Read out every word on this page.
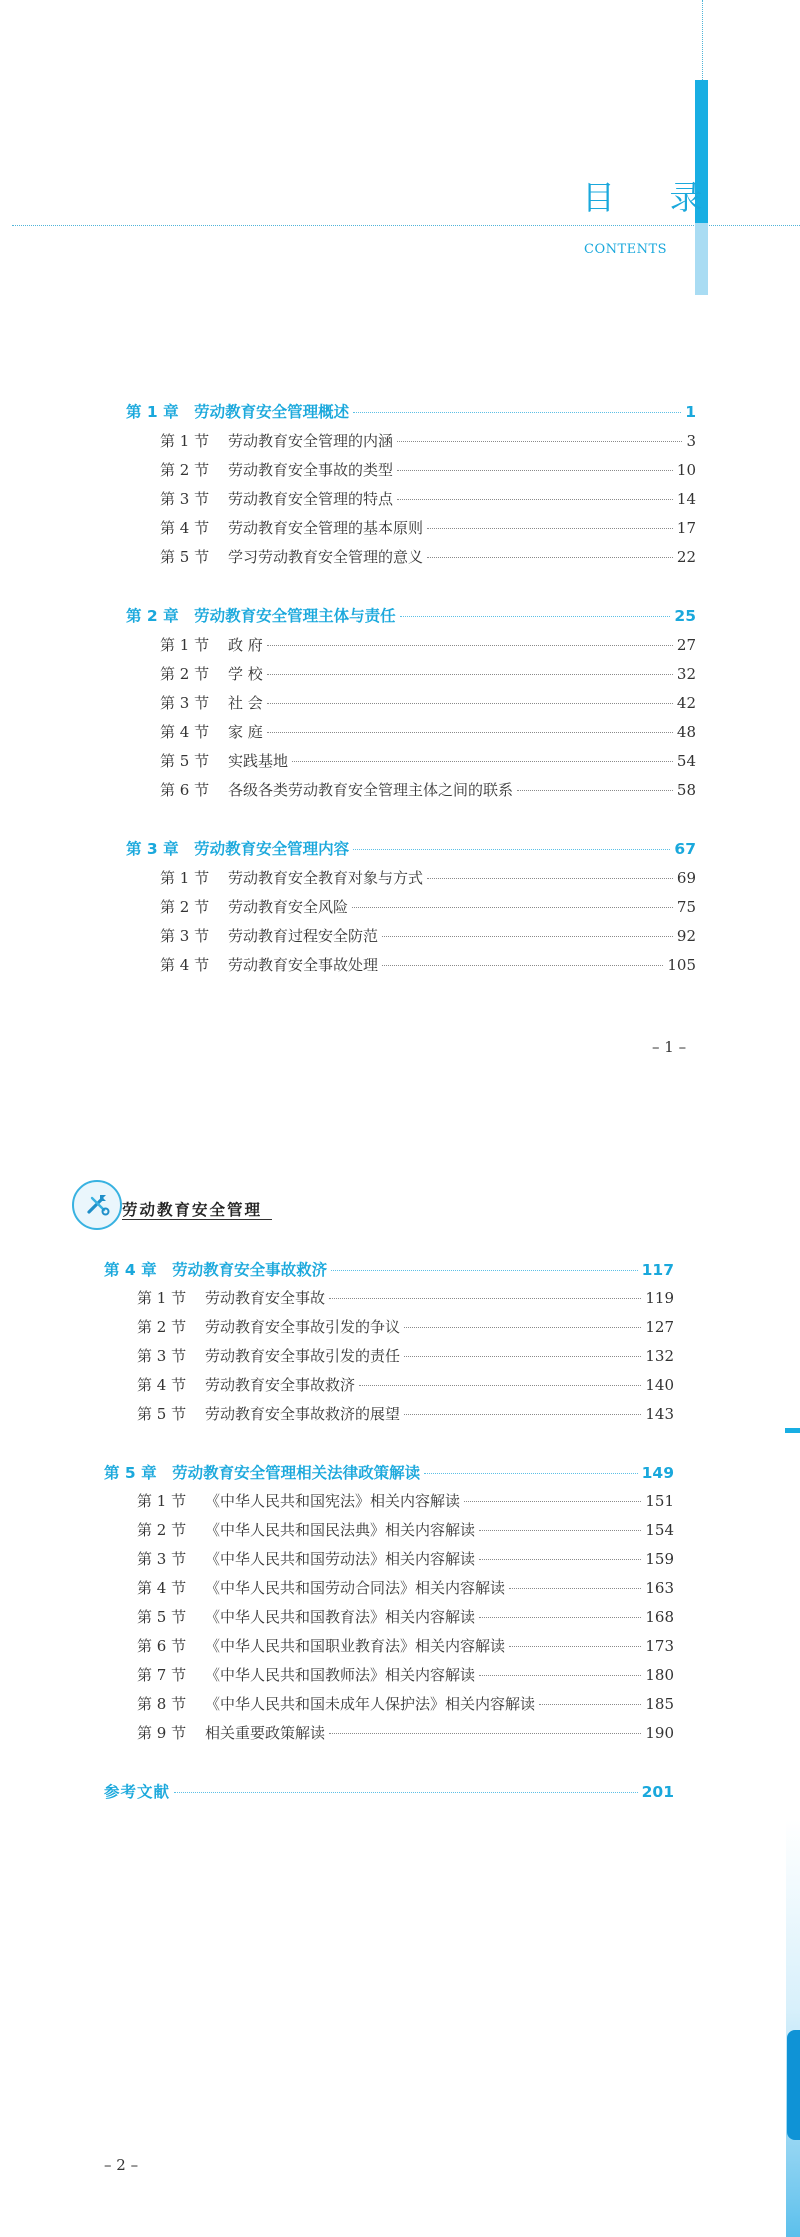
目 录
CONTENTS
第 1 章　劳动教育安全管理概述	1
第 1 节 劳动教育安全管理的内涵	3
第 2 节 劳动教育安全事故的类型	10
第 3 节 劳动教育安全管理的特点	14
第 4 节 劳动教育安全管理的基本原则	17
第 5 节 学习劳动教育安全管理的意义	22
第 2 章　劳动教育安全管理主体与责任	25
第 1 节 政 府	27
第 2 节 学 校	32
第 3 节 社 会	42
第 4 节 家 庭	48
第 5 节 实践基地	54
第 6 节 各级各类劳动教育安全管理主体之间的联系	58
第 3 章　劳动教育安全管理内容	67
第 1 节 劳动教育安全教育对象与方式	69
第 2 节 劳动教育安全风险	75
第 3 节 劳动教育过程安全防范	92
第 4 节 劳动教育安全事故处理	105
– 1 –
劳动教育安全管理
第 4 章　劳动教育安全事故救济	117
第 1 节 劳动教育安全事故	119
第 2 节 劳动教育安全事故引发的争议	127
第 3 节 劳动教育安全事故引发的责任	132
第 4 节 劳动教育安全事故救济	140
第 5 节 劳动教育安全事故救济的展望	143
第 5 章　劳动教育安全管理相关法律政策解读	149
第 1 节 《中华人民共和国宪法》相关内容解读	151
第 2 节 《中华人民共和国民法典》相关内容解读	154
第 3 节 《中华人民共和国劳动法》相关内容解读	159
第 4 节 《中华人民共和国劳动合同法》相关内容解读	163
第 5 节 《中华人民共和国教育法》相关内容解读	168
第 6 节 《中华人民共和国职业教育法》相关内容解读	173
第 7 节 《中华人民共和国教师法》相关内容解读	180
第 8 节 《中华人民共和国未成年人保护法》相关内容解读	185
第 9 节 相关重要政策解读	190
参考文献	201
– 2 –
